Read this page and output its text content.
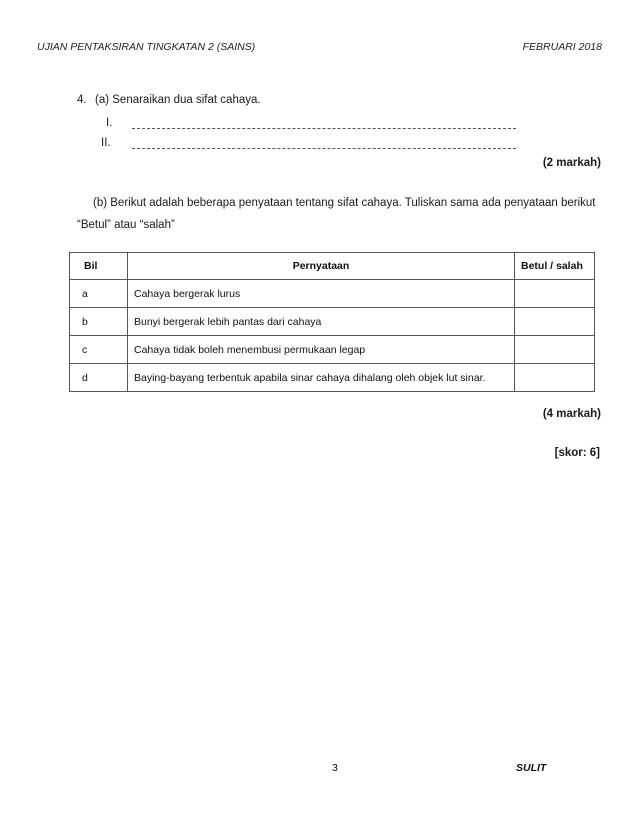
UJIAN PENTAKSIRAN TINGKATAN 2 (SAINS)	FEBRUARI 2018
4. (a) Senaraikan dua sifat cahaya.
I.
II.
(2 markah)
(b) Berikut adalah beberapa penyataan tentang sifat cahaya. Tuliskan sama ada penyataan berikut
“Betul” atau “salah”
Bil	Pernyataan	Betul / salah
a	Cahaya bergerak lurus	
b	Bunyi bergerak lebih pantas dari cahaya	
c	Cahaya tidak boleh menembusi permukaan legap	
d	Baying-bayang terbentuk apabila sinar cahaya dihalang oleh objek lut sinar.	
(4 markah)
[skor: 6]
3	SULIT
